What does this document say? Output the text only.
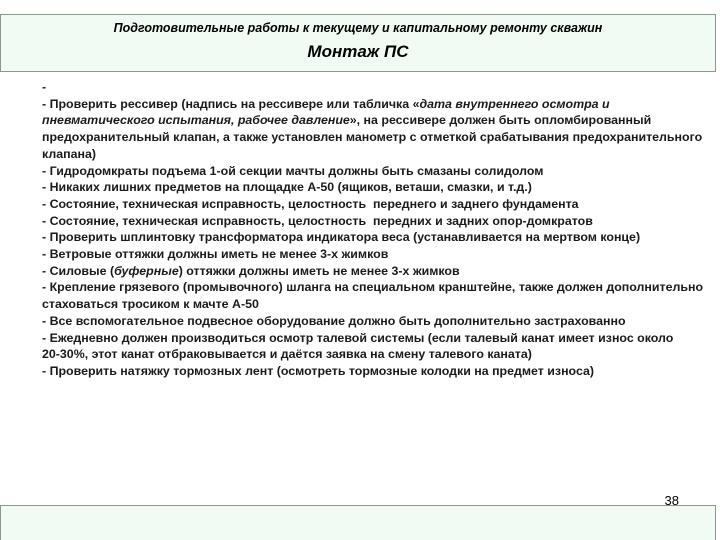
Подготовительные работы к текущему и капитальному ремонту скважин
Монтаж ПС

-

- Проверить рессивер (надпись на рессивере или табличка «дата внутреннего осмотра и пневматического испытания, рабочее давление», на рессивере должен быть опломбированный предохранительный клапан, а также установлен манометр с отметкой срабатывания предохранительного клапана)

- Гидродомкраты подъема 1-ой секции мачты должны быть смазаны солидолом

- Никаких лишних предметов на площадке А-50 (ящиков, веташи, смазки, и т.д.)

- Состояние, техническая исправность, целостность  переднего и заднего фундамента

- Состояние, техническая исправность, целостность  передних и задних опор-домкратов

- Проверить шплинтовку трансформатора индикатора веса (устанавливается на мертвом конце)

- Ветровые оттяжки должны иметь не менее 3-х жимков

- Силовые (буферные) оттяжки должны иметь не менее 3-х жимков

- Крепление грязевого (промывочного) шланга на специальном кранштейне, также должен дополнительно стаховаться тросиком к мачте А-50

- Все вспомогательное подвесное оборудование должно быть дополнительно застрахованно

- Ежедневно должен производиться осмотр талевой системы (если талевый канат имеет износ около       20-30%, этот канат отбраковывается и даётся заявка на смену талевого каната)

- Проверить натяжку тормозных лент (осмотреть тормозные колодки на предмет износа)

38
